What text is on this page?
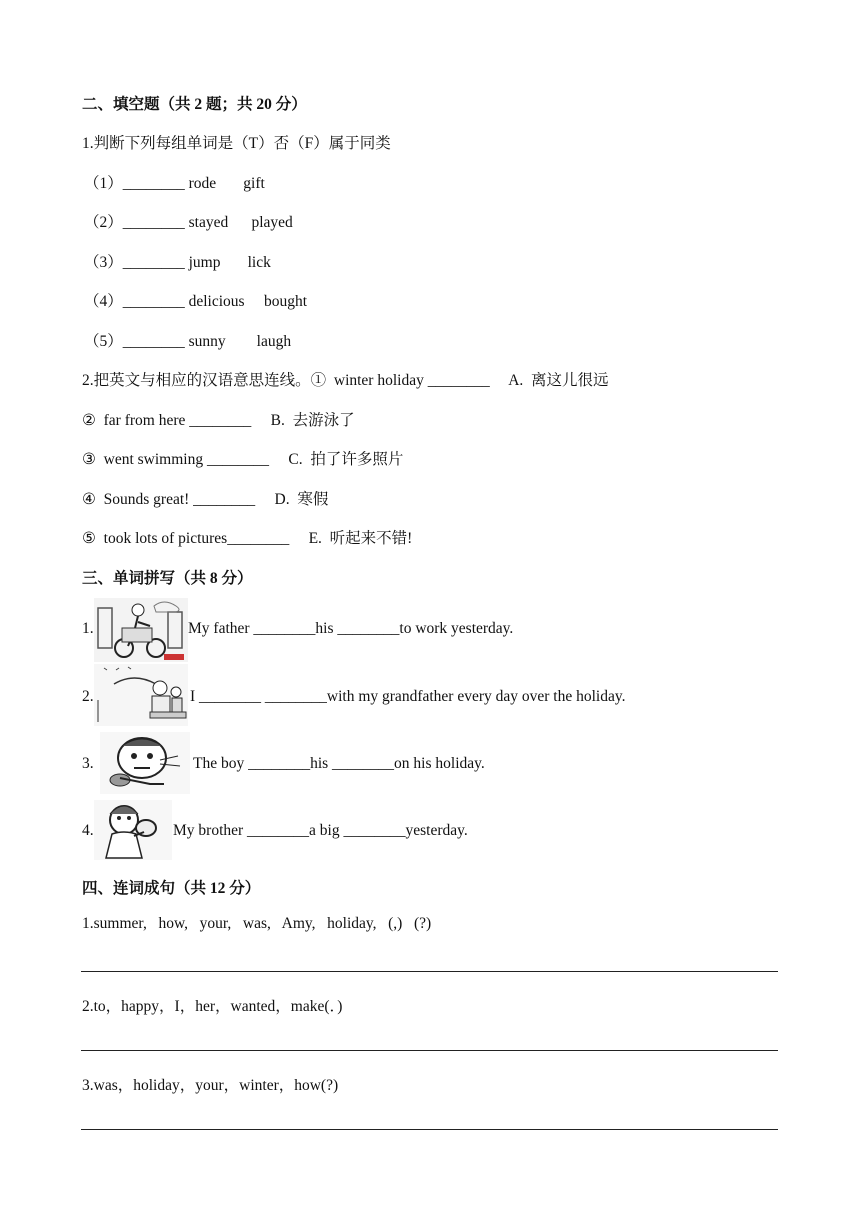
二、填空题（共 2 题；共 20 分）
1.判断下列每组单词是（T）否（F）属于同类
（1）________ rode       gift
（2）________ stayed      played
（3）________ jump       lick
（4）________ delicious     bought
（5）________ sunny        laugh
2.把英文与相应的汉语意思连线。①  winter holiday ________     A.  离这儿很远
②  far from here ________     B.  去游泳了
③  went swimming ________     C.  拍了许多照片
④  Sounds great! ________     D.  寒假
⑤  took lots of pictures________     E.  听起来不错!
三、单词拼写（共 8 分）
1.	My father ________his ________to work yesterday.
2.	I ________ ________with my grandfather every day over the holiday.
3.	The boy ________his ________on his holiday.
4.	My brother ________a big ________yesterday.
四、连词成句（共 12 分）
1.summer,   how,   your,   was,   Amy,   holiday,   (,)   (?)
2.to，happy，I，her，wanted，make(．)
3.was，holiday，your，winter，how(?)
